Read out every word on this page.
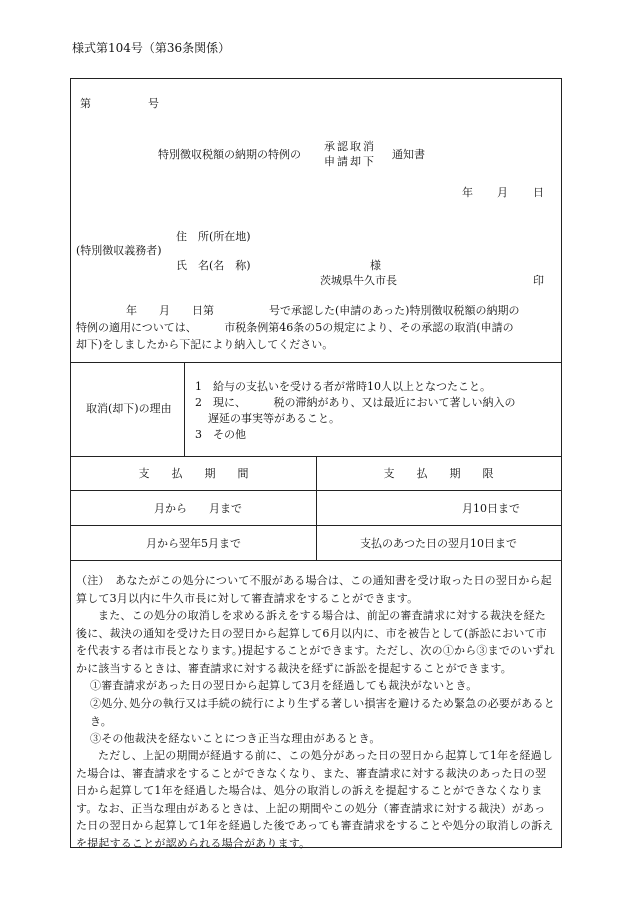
様式第104号（第36条関係）
第	号
特別徴収税額の納期の特例の
承認取消
申請却下
通知書
年 月 日
住　所(所在地)
(特別徴収義務者)
氏　名(名　称)	様
茨城県牛久市長	印
年　　月　　日第　　　　　号で承認した(申請のあった)特別徴収税額の納期の
特例の適用については、　　　市税条例第46条の5の規定により、その承認の取消(申請の
却下)をしましたから下記により納入してください。
取消(却下)の理由
1　給与の支払いを受ける者が常時10人以上となつたこと。
2　現に、　　　税の滞納があり、又は最近において著しい納入の
遅延の事実等があること。
3　その他
支　　払　　期　　間	支　　払　　期　　限
月から　　月まで	月10日まで
月から翌年5月まで	支払のあつた日の翌月10日まで
（注）　あなたがこの処分について不服がある場合は、この通知書を受け取った日の翌日から起算して3月以内に牛久市長に対して審査請求をすることができます。
また、この処分の取消しを求める訴えをする場合は、前記の審査請求に対する裁決を経た後に、裁決の通知を受けた日の翌日から起算して6月以内に、市を被告として(訴訟において市を代表する者は市長となります。)提起することができます。ただし、次の①から③までのいずれかに該当するときは、審査請求に対する裁決を経ずに訴訟を提起することができます。
①審査請求があった日の翌日から起算して3月を経過しても裁決がないとき。
②処分､処分の執行又は手続の続行により生ずる著しい損害を避けるため緊急の必要があるとき。
③その他裁決を経ないことにつき正当な理由があるとき。
ただし、上記の期間が経過する前に、この処分があった日の翌日から起算して1年を経過した場合は、審査請求をすることができなくなり、また、審査請求に対する裁決のあった日の翌日から起算して1年を経過した場合は、処分の取消しの訴えを提起することができなくなります。なお、正当な理由があるときは、上記の期間やこの処分（審査請求に対する裁決）があった日の翌日から起算して1年を経過した後であっても審査請求をすることや処分の取消しの訴えを提起することが認められる場合があります。
